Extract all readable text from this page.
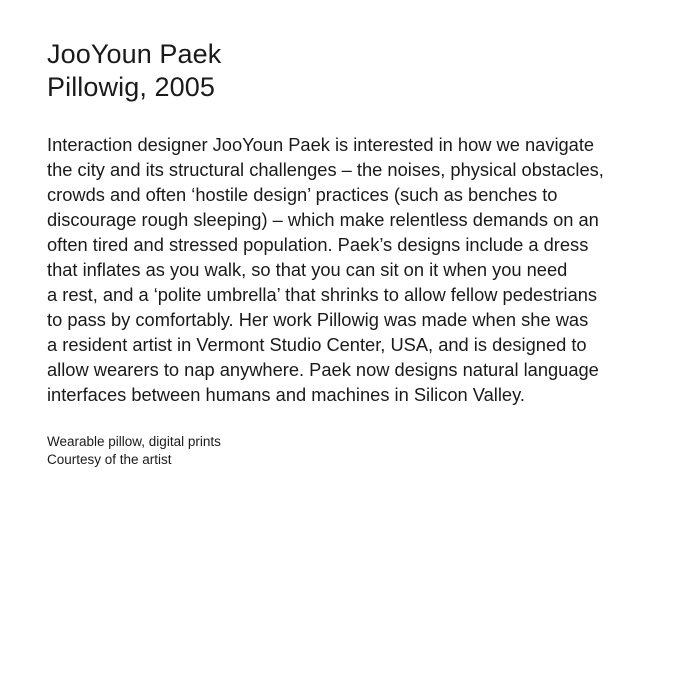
JooYoun Paek
Pillowig, 2005

Interaction designer JooYoun Paek is interested in how we navigate
the city and its structural challenges – the noises, physical obstacles,
crowds and often ‘hostile design’ practices (such as benches to
discourage rough sleeping) – which make relentless demands on an
often tired and stressed population. Paek’s designs include a dress
that inflates as you walk, so that you can sit on it when you need
a rest, and a ‘polite umbrella’ that shrinks to allow fellow pedestrians
to pass by comfortably. Her work Pillowig was made when she was
a resident artist in Vermont Studio Center, USA, and is designed to
allow wearers to nap anywhere. Paek now designs natural language
interfaces between humans and machines in Silicon Valley.

Wearable pillow, digital prints
Courtesy of the artist
